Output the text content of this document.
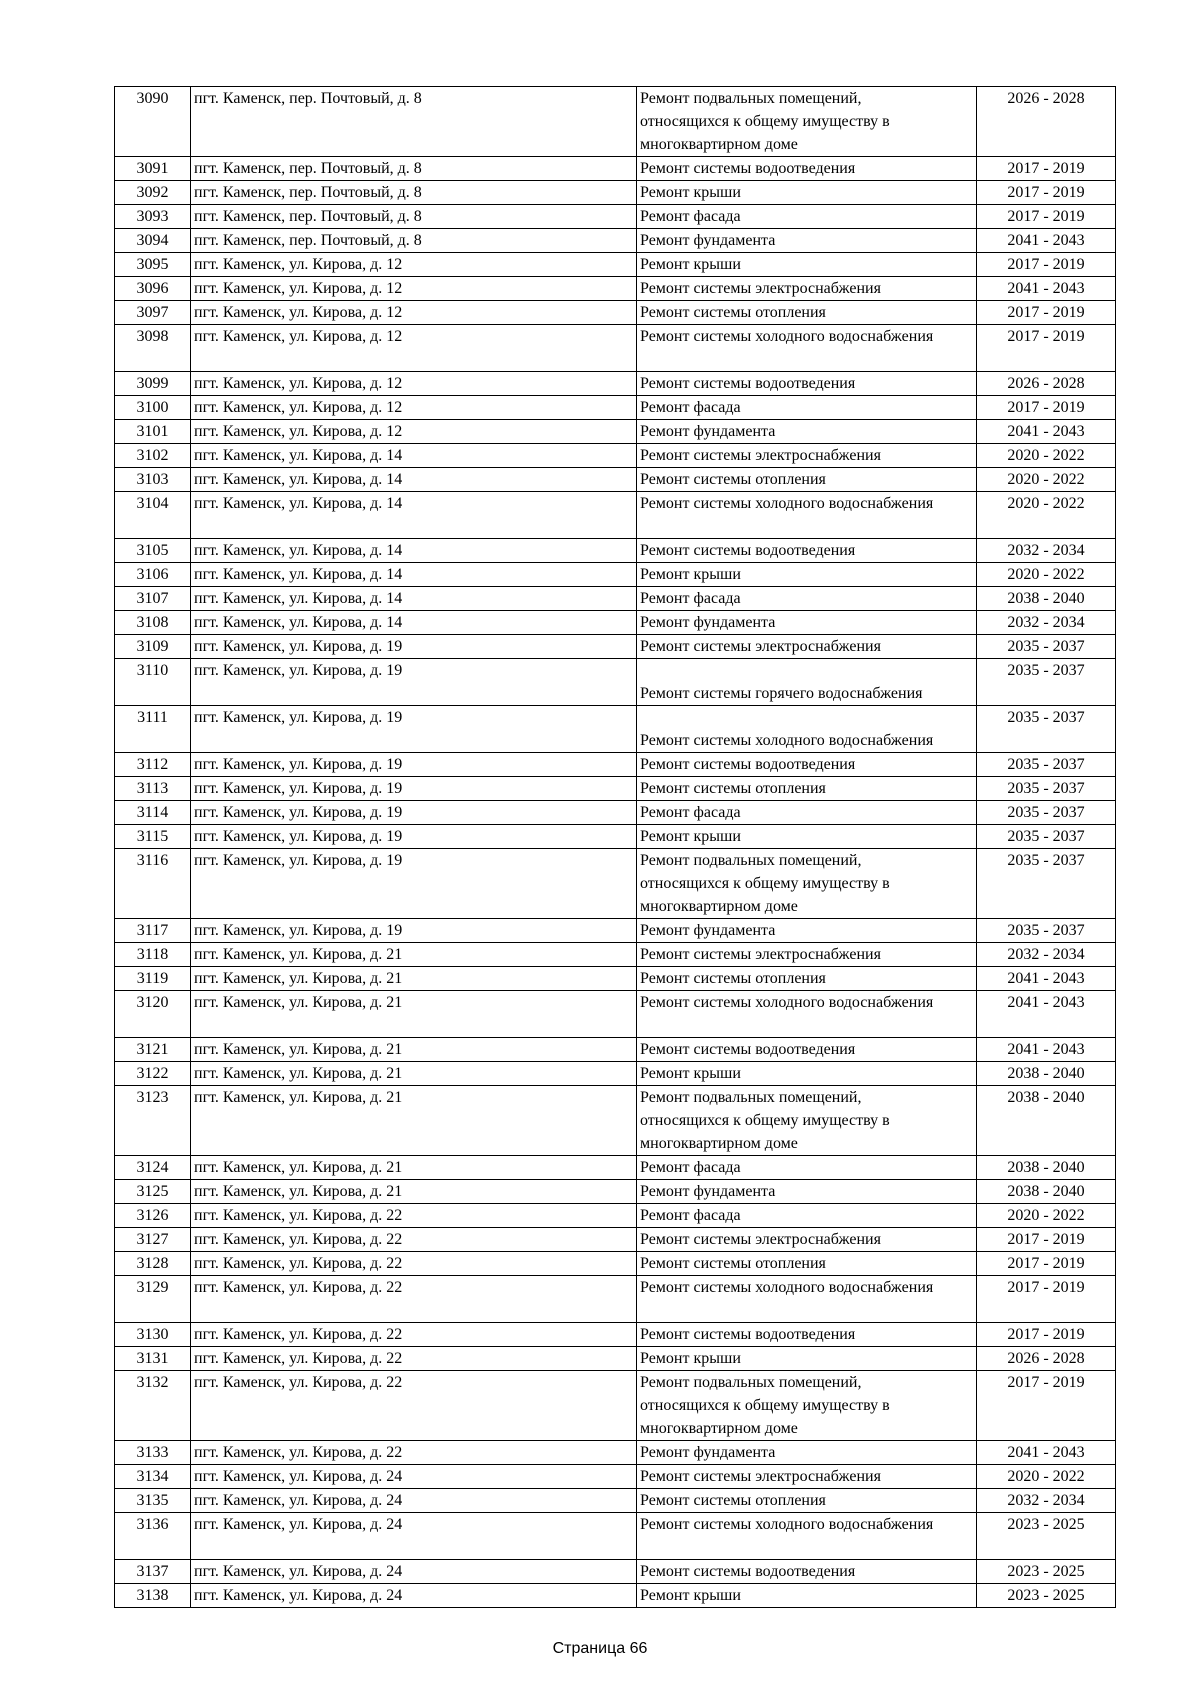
3090	пгт. Каменск, пер. Почтовый, д. 8	Ремонт подвальных помещений,
относящихся к общему имуществу в
многоквартирном доме	2026 - 2028
3091	пгт. Каменск, пер. Почтовый, д. 8	Ремонт системы водоотведения	2017 - 2019
3092	пгт. Каменск, пер. Почтовый, д. 8	Ремонт крыши	2017 - 2019
3093	пгт. Каменск, пер. Почтовый, д. 8	Ремонт фасада	2017 - 2019
3094	пгт. Каменск, пер. Почтовый, д. 8	Ремонт фундамента	2041 - 2043
3095	пгт. Каменск, ул. Кирова, д. 12	Ремонт крыши	2017 - 2019
3096	пгт. Каменск, ул. Кирова, д. 12	Ремонт системы электроснабжения	2041 - 2043
3097	пгт. Каменск, ул. Кирова, д. 12	Ремонт системы отопления	2017 - 2019
3098	пгт. Каменск, ул. Кирова, д. 12	Ремонт системы холодного водоснабжения	2017 - 2019
3099	пгт. Каменск, ул. Кирова, д. 12	Ремонт системы водоотведения	2026 - 2028
3100	пгт. Каменск, ул. Кирова, д. 12	Ремонт фасада	2017 - 2019
3101	пгт. Каменск, ул. Кирова, д. 12	Ремонт фундамента	2041 - 2043
3102	пгт. Каменск, ул. Кирова, д. 14	Ремонт системы электроснабжения	2020 - 2022
3103	пгт. Каменск, ул. Кирова, д. 14	Ремонт системы отопления	2020 - 2022
3104	пгт. Каменск, ул. Кирова, д. 14	Ремонт системы холодного водоснабжения	2020 - 2022
3105	пгт. Каменск, ул. Кирова, д. 14	Ремонт системы водоотведения	2032 - 2034
3106	пгт. Каменск, ул. Кирова, д. 14	Ремонт крыши	2020 - 2022
3107	пгт. Каменск, ул. Кирова, д. 14	Ремонт фасада	2038 - 2040
3108	пгт. Каменск, ул. Кирова, д. 14	Ремонт фундамента	2032 - 2034
3109	пгт. Каменск, ул. Кирова, д. 19	Ремонт системы электроснабжения	2035 - 2037
3110	пгт. Каменск, ул. Кирова, д. 19	Ремонт системы горячего водоснабжения	2035 - 2037
3111	пгт. Каменск, ул. Кирова, д. 19	Ремонт системы холодного водоснабжения	2035 - 2037
3112	пгт. Каменск, ул. Кирова, д. 19	Ремонт системы водоотведения	2035 - 2037
3113	пгт. Каменск, ул. Кирова, д. 19	Ремонт системы отопления	2035 - 2037
3114	пгт. Каменск, ул. Кирова, д. 19	Ремонт фасада	2035 - 2037
3115	пгт. Каменск, ул. Кирова, д. 19	Ремонт крыши	2035 - 2037
3116	пгт. Каменск, ул. Кирова, д. 19	Ремонт подвальных помещений,
относящихся к общему имуществу в
многоквартирном доме	2035 - 2037
3117	пгт. Каменск, ул. Кирова, д. 19	Ремонт фундамента	2035 - 2037
3118	пгт. Каменск, ул. Кирова, д. 21	Ремонт системы электроснабжения	2032 - 2034
3119	пгт. Каменск, ул. Кирова, д. 21	Ремонт системы отопления	2041 - 2043
3120	пгт. Каменск, ул. Кирова, д. 21	Ремонт системы холодного водоснабжения	2041 - 2043
3121	пгт. Каменск, ул. Кирова, д. 21	Ремонт системы водоотведения	2041 - 2043
3122	пгт. Каменск, ул. Кирова, д. 21	Ремонт крыши	2038 - 2040
3123	пгт. Каменск, ул. Кирова, д. 21	Ремонт подвальных помещений,
относящихся к общему имуществу в
многоквартирном доме	2038 - 2040
3124	пгт. Каменск, ул. Кирова, д. 21	Ремонт фасада	2038 - 2040
3125	пгт. Каменск, ул. Кирова, д. 21	Ремонт фундамента	2038 - 2040
3126	пгт. Каменск, ул. Кирова, д. 22	Ремонт фасада	2020 - 2022
3127	пгт. Каменск, ул. Кирова, д. 22	Ремонт системы электроснабжения	2017 - 2019
3128	пгт. Каменск, ул. Кирова, д. 22	Ремонт системы отопления	2017 - 2019
3129	пгт. Каменск, ул. Кирова, д. 22	Ремонт системы холодного водоснабжения	2017 - 2019
3130	пгт. Каменск, ул. Кирова, д. 22	Ремонт системы водоотведения	2017 - 2019
3131	пгт. Каменск, ул. Кирова, д. 22	Ремонт крыши	2026 - 2028
3132	пгт. Каменск, ул. Кирова, д. 22	Ремонт подвальных помещений,
относящихся к общему имуществу в
многоквартирном доме	2017 - 2019
3133	пгт. Каменск, ул. Кирова, д. 22	Ремонт фундамента	2041 - 2043
3134	пгт. Каменск, ул. Кирова, д. 24	Ремонт системы электроснабжения	2020 - 2022
3135	пгт. Каменск, ул. Кирова, д. 24	Ремонт системы отопления	2032 - 2034
3136	пгт. Каменск, ул. Кирова, д. 24	Ремонт системы холодного водоснабжения	2023 - 2025
3137	пгт. Каменск, ул. Кирова, д. 24	Ремонт системы водоотведения	2023 - 2025
3138	пгт. Каменск, ул. Кирова, д. 24	Ремонт крыши	2023 - 2025
Страница 66
